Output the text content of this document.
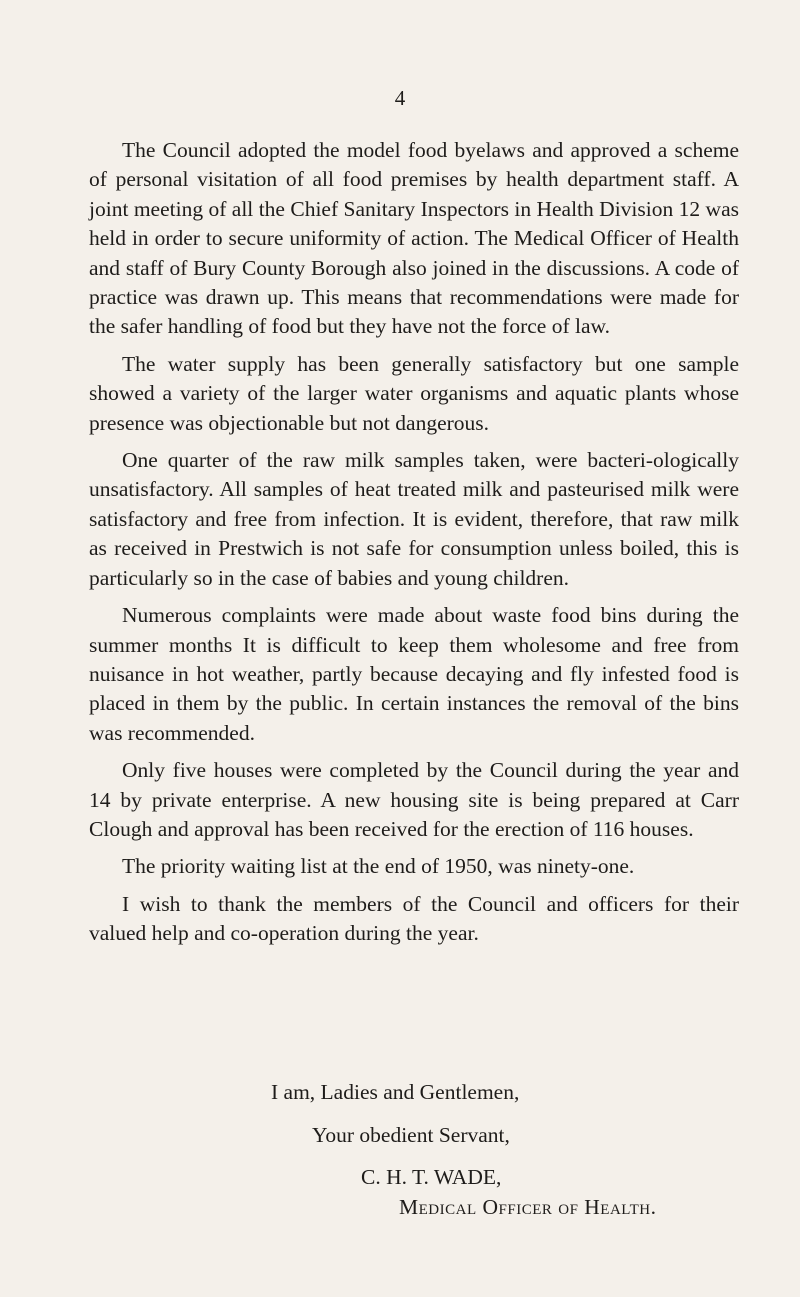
4

The Council adopted the model food byelaws and approved a scheme of personal visitation of all food premises by health department staff. A joint meeting of all the Chief Sanitary Inspectors in Health Division 12 was held in order to secure uniformity of action. The Medical Officer of Health and staff of Bury County Borough also joined in the discussions. A code of practice was drawn up. This means that recommendations were made for the safer handling of food but they have not the force of law.

The water supply has been generally satisfactory but one sample showed a variety of the larger water organisms and aquatic plants whose presence was objectionable but not dangerous.

One quarter of the raw milk samples taken, were bacteri-ologically unsatisfactory. All samples of heat treated milk and pasteurised milk were satisfactory and free from infection. It is evident, therefore, that raw milk as received in Prestwich is not safe for consumption unless boiled, this is particularly so in the case of babies and young children.

Numerous complaints were made about waste food bins during the summer months It is difficult to keep them wholesome and free from nuisance in hot weather, partly because decaying and fly infested food is placed in them by the public. In certain instances the removal of the bins was recommended.

Only five houses were completed by the Council during the year and 14 by private enterprise. A new housing site is being prepared at Carr Clough and approval has been received for the erection of 116 houses.

The priority waiting list at the end of 1950, was ninety-one.

I wish to thank the members of the Council and officers for their valued help and co-operation during the year.

I am, Ladies and Gentlemen,
Your obedient Servant,
C. H. T. WADE,
Medical Officer of Health.
